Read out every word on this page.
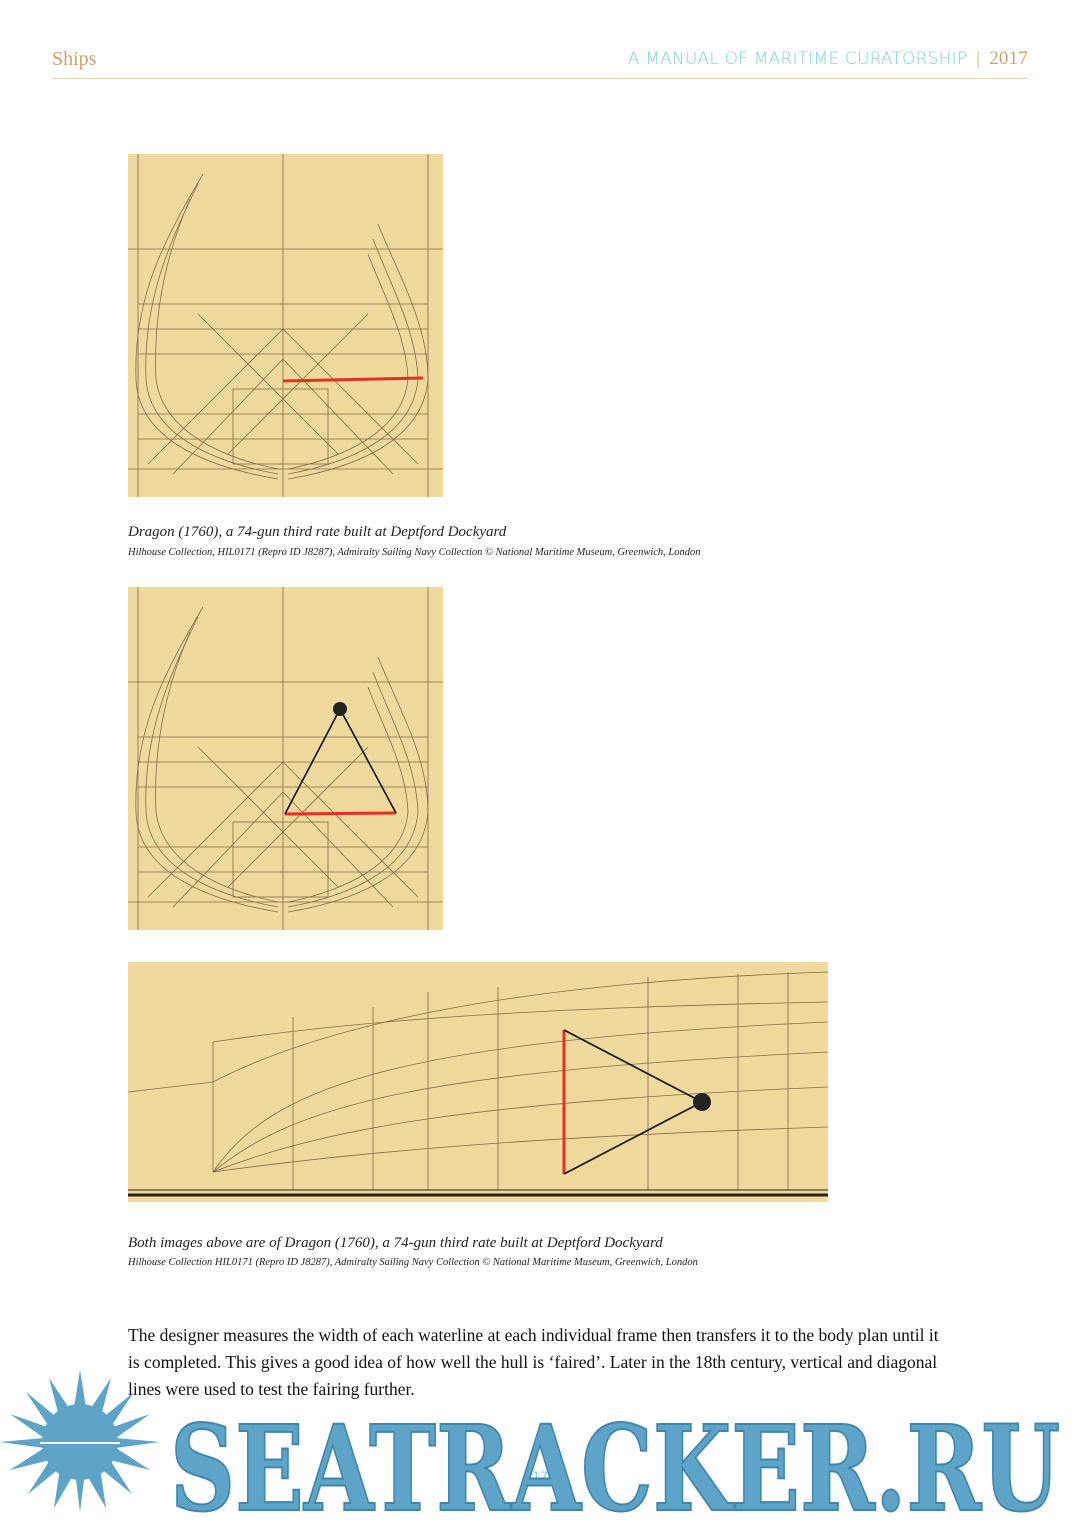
Ships	A MANUAL OF MARITIME CURATORSHIP | 2017
Dragon (1760), a 74-gun third rate built at Deptford Dockyard
Hilhouse Collection, HIL0171 (Repro ID J8287), Admiralty Sailing Navy Collection © National Maritime Museum, Greenwich, London
Both images above are of Dragon (1760), a 74-gun third rate built at Deptford Dockyard
Hilhouse Collection HIL0171 (Repro ID J8287), Admiralty Sailing Navy Collection © National Maritime Museum, Greenwich, London

The designer measures the width of each waterline at each individual frame then transfers it to the body plan until it is completed. This gives a good idea of how well the hull is ‘faired’. Later in the 18th century, vertical and diagonal lines were used to test the fairing further.

17
SEATRACKER.RU
